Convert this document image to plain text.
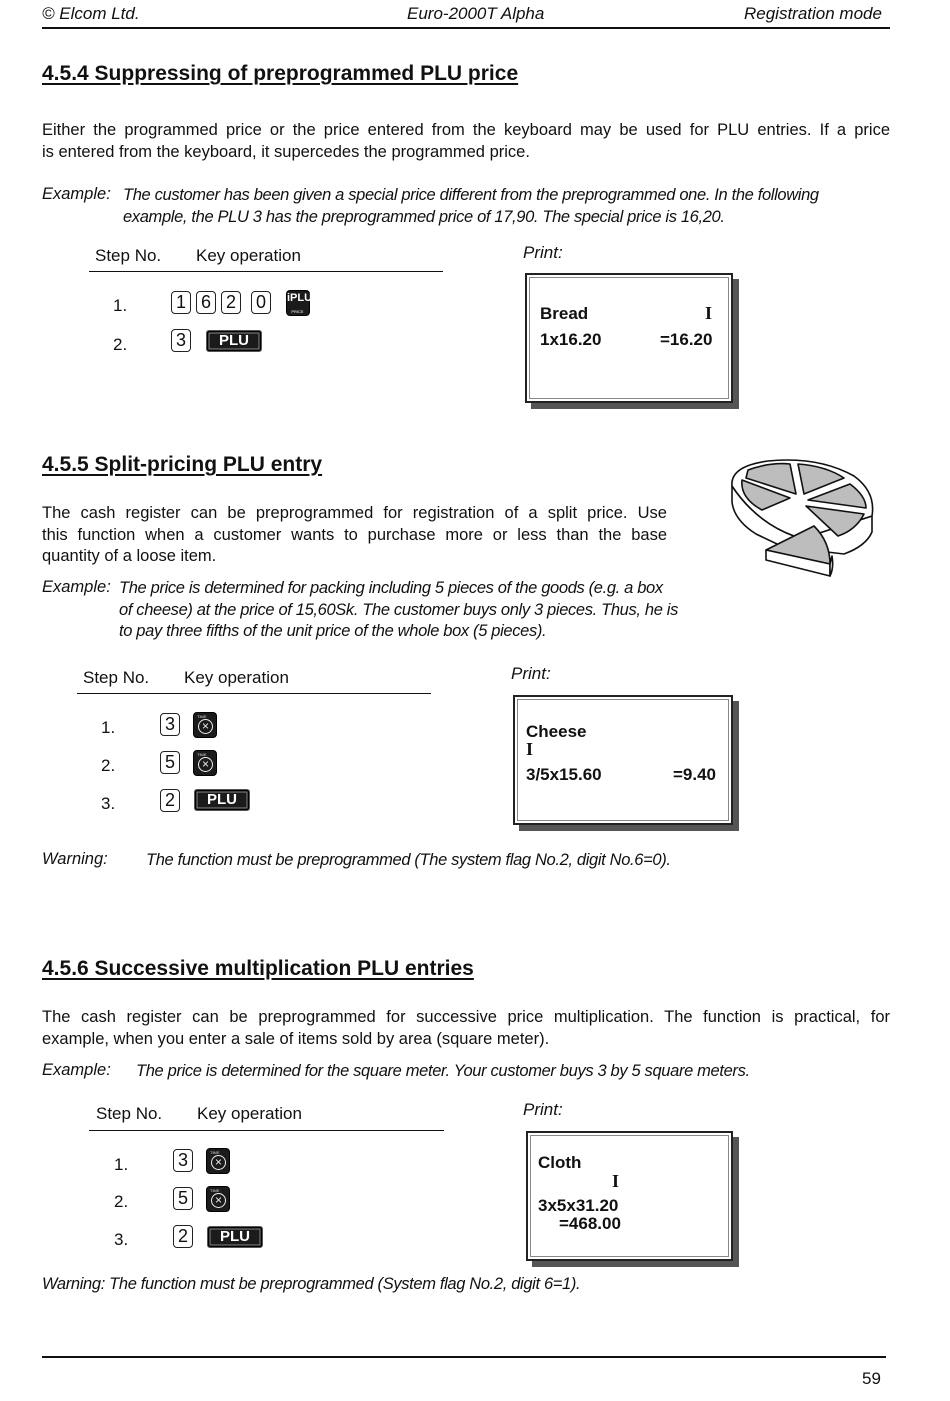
© Elcom Ltd.	Euro-2000T Alpha	Registration mode
4.5.4 Suppressing of preprogrammed PLU price
Either the programmed price or the price entered from the keyboard may be used for PLU entries. If a price
is entered from the keyboard, it supercedes the programmed price.
Example: The customer has been given a special price different from the preprogrammed one. In the following
example, the PLU 3 has the preprogrammed price of 17,90. The special price is 16,20.
Step No. Key operation
1.	1 6 2 0	iPLU
PRICE
2.	3	PLU
Print:
Bread	I
1x16.20	=16.20
4.5.5 Split-pricing PLU entry
The cash register can be preprogrammed for registration of a split price. Use
this function when a customer wants to purchase more or less than the base
quantity of a loose item.
Example: The price is determined for packing including 5 pieces of the goods (e.g. a box
of cheese) at the price of 15,60Sk. The customer buys only 3 pieces. Thus, he is
to pay three fifths of the unit price of the whole box (5 pieces).
Step No. Key operation
1.	3	TIME
×
2.	5	TIME
×
3.	2	PLU
Print:
Cheese
I
3/5x15.60	=9.40
Warning: The function must be preprogrammed (The system flag No.2, digit No.6=0).
4.5.6 Successive multiplication PLU entries
The cash register can be preprogrammed for successive price multiplication. The function is practical, for
example, when you enter a sale of items sold by area (square meter).
Example: The price is determined for the square meter. Your customer buys 3 by 5 square meters.
Step No. Key operation
1.	3	TIME
×
2.	5	TIME
×
3.	2	PLU
Print:
Cloth
I
3x5x31.20
=468.00
Warning: The function must be preprogrammed (System flag No.2, digit 6=1).
59
